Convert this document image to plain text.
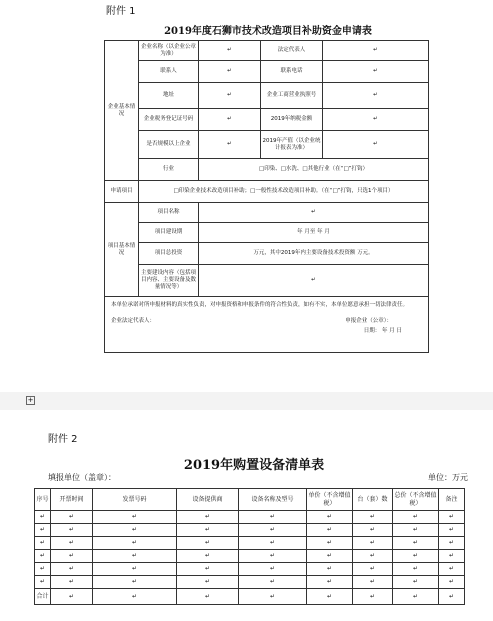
附件 1
2019年度石狮市技术改造项目补助资金申请表
企业基本情况	企业名称（以企业公章为准）	↵	法定代表人	↵
	联系人	↵	联系电话	↵
	地址	↵	企业工商营业执照号	↵
	企业税务登记证号码	↵	2019年纳税金额	↵
	是否规模以上企业	↵	2019年产值（以企业统计报表为准）	↵
	行业	□印染、□水洗、□其他行业（在“□”打钩）		
申请项目	□印染企业技术改造项目补助；□一般性技术改造项目补助。（在“□”打钩，只选1个项目）			
项目基本情况	项目名称	↵		
	项目建设期	年 月至 年 月		
	项目总投资	万元，其中2019年内主要设备技术投资额 万元。		
	主要建设内容（包括项目内容、主要设备及数量情况等）	↵		

本单位承诺对所申报材料的真实性负责，对申报资格和申报条件的符合性负责，如有不实，本单位愿意承担一切法律责任。
企业法定代表人： 申报企业（公章）：
日期： 年 月 日				
+
附件 2
2019年购置设备清单表
填报单位（盖章）：	单位：万元
序号	开票时间	发票号码	设备提供商	设备名称及型号	单价（不含增值税）	台（套）数	总价（不含增值税）	备注
↵	↵	↵	↵	↵	↵	↵	↵	↵
↵	↵	↵	↵	↵	↵	↵	↵	↵
↵	↵	↵	↵	↵	↵	↵	↵	↵
↵	↵	↵	↵	↵	↵	↵	↵	↵
↵	↵	↵	↵	↵	↵	↵	↵	↵
↵	↵	↵	↵	↵	↵	↵	↵	↵
合计	↵	↵	↵	↵	↵	↵	↵	↵
